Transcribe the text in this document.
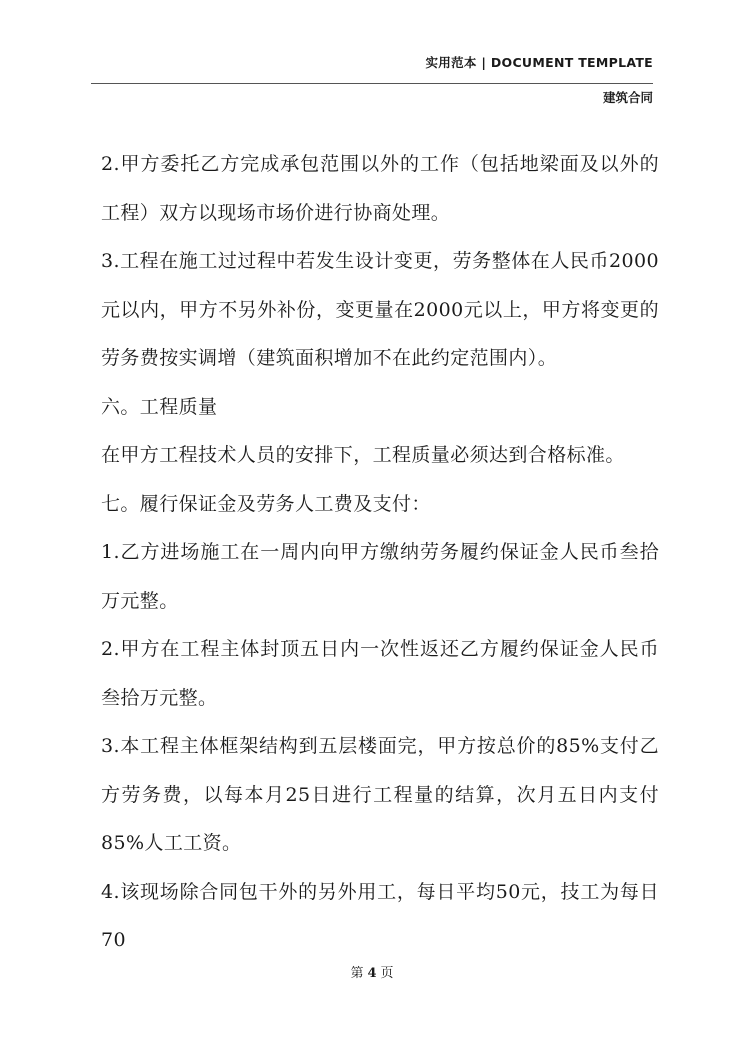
实用范本 | DOCUMENT TEMPLATE
建筑合同

2.甲方委托乙方完成承包范围以外的工作（包括地梁面及以外的工程）双方以现场市场价进行协商处理。

3.工程在施工过过程中若发生设计变更，劳务整体在人民币2000元以内，甲方不另外补份，变更量在2000元以上，甲方将变更的劳务费按实调增（建筑面积增加不在此约定范围内）。

六。工程质量

在甲方工程技术人员的安排下，工程质量必须达到合格标准。

七。履行保证金及劳务人工费及支付：

1.乙方进场施工在一周内向甲方缴纳劳务履约保证金人民币叁拾万元整。

2.甲方在工程主体封顶五日内一次性返还乙方履约保证金人民币叁拾万元整。

3.本工程主体框架结构到五层楼面完，甲方按总价的85%支付乙方劳务费，以每本月25日进行工程量的结算，次月五日内支付85%人工工资。

4.该现场除合同包干外的另外用工，每日平均50元，技工为每日70

第 4 页
